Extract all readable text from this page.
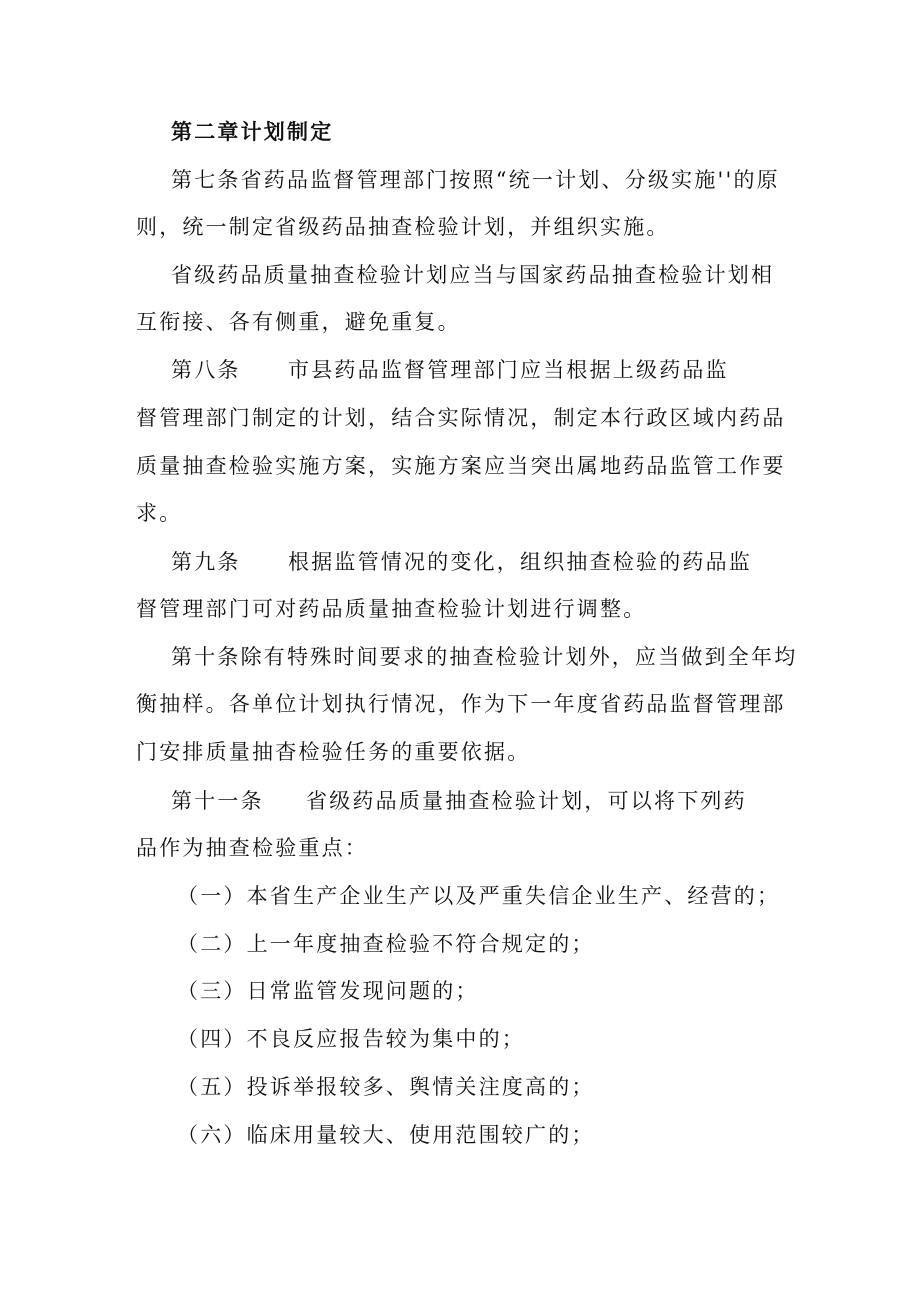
第二章计划制定
第七条省药品监督管理部门按照“统一计划、分级实施''的原
则，统一制定省级药品抽查检验计划，并组织实施。
省级药品质量抽查检验计划应当与国家药品抽查检验计划相
互衔接、各有侧重，避免重复。
第八条 市县药品监督管理部门应当根据上级药品监
督管理部门制定的计划，结合实际情况，制定本行政区域内药品
质量抽查检验实施方案，实施方案应当突出属地药品监管工作要
求。
第九条 根据监管情况的变化，组织抽查检验的药品监
督管理部门可对药品质量抽查检验计划进行调整。
第十条除有特殊时间要求的抽查检验计划外，应当做到全年均
衡抽样。各单位计划执行情况，作为下一年度省药品监督管理部
门安排质量抽杳检验任务的重要依据。
第十一条 省级药品质量抽查检验计划，可以将下列药
品作为抽查检验重点：
（一）本省生产企业生产以及严重失信企业生产、经营的；
（二）上一年度抽查检验不符合规定的；
（三）日常监管发现问题的；
（四）不良反应报告较为集中的；
（五）投诉举报较多、舆情关注度高的；
（六）临床用量较大、使用范围较广的；
